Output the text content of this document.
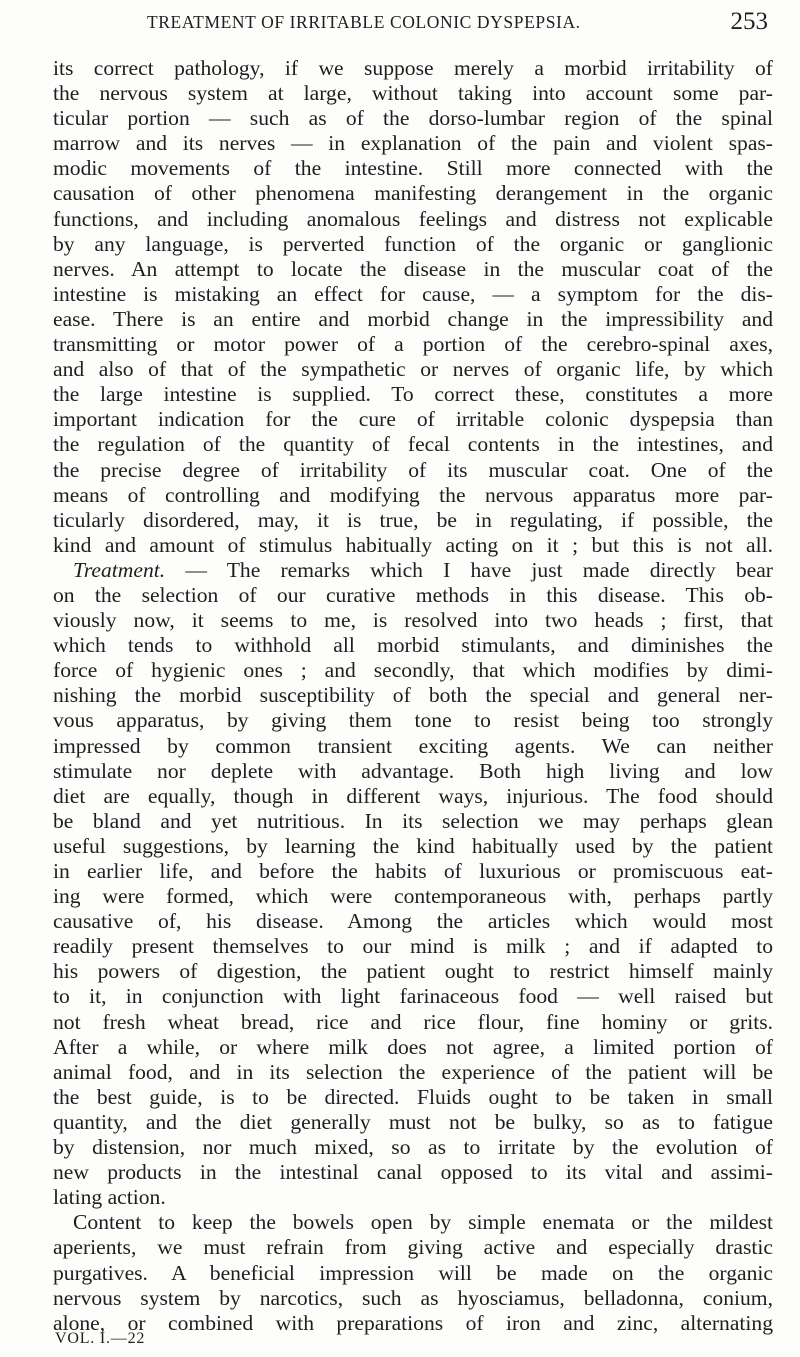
TREATMENT OF IRRITABLE COLONIC DYSPEPSIA.	253
its correct pathology, if we suppose merely a morbid irritability of
the nervous system at large, without taking into account some par-
ticular portion — such as of the dorso-lumbar region of the spinal
marrow and its nerves — in explanation of the pain and violent spas-
modic movements of the intestine. Still more connected with the
causation of other phenomena manifesting derangement in the organic
functions, and including anomalous feelings and distress not explicable
by any language, is perverted function of the organic or ganglionic
nerves. An attempt to locate the disease in the muscular coat of the
intestine is mistaking an effect for cause, — a symptom for the dis-
ease. There is an entire and morbid change in the impressibility and
transmitting or motor power of a portion of the cerebro-spinal axes,
and also of that of the sympathetic or nerves of organic life, by which
the large intestine is supplied. To correct these, constitutes a more
important indication for the cure of irritable colonic dyspepsia than
the regulation of the quantity of fecal contents in the intestines, and
the precise degree of irritability of its muscular coat. One of the
means of controlling and modifying the nervous apparatus more par-
ticularly disordered, may, it is true, be in regulating, if possible, the
kind and amount of stimulus habitually acting on it ; but this is not all.
Treatment. — The remarks which I have just made directly bear
on the selection of our curative methods in this disease. This ob-
viously now, it seems to me, is resolved into two heads ; first, that
which tends to withhold all morbid stimulants, and diminishes the
force of hygienic ones ; and secondly, that which modifies by dimi-
nishing the morbid susceptibility of both the special and general ner-
vous apparatus, by giving them tone to resist being too strongly
impressed by common transient exciting agents. We can neither
stimulate nor deplete with advantage. Both high living and low
diet are equally, though in different ways, injurious. The food should
be bland and yet nutritious. In its selection we may perhaps glean
useful suggestions, by learning the kind habitually used by the patient
in earlier life, and before the habits of luxurious or promiscuous eat-
ing were formed, which were contemporaneous with, perhaps partly
causative of, his disease. Among the articles which would most
readily present themselves to our mind is milk ; and if adapted to
his powers of digestion, the patient ought to restrict himself mainly
to it, in conjunction with light farinaceous food — well raised but
not fresh wheat bread, rice and rice flour, fine hominy or grits.
After a while, or where milk does not agree, a limited portion of
animal food, and in its selection the experience of the patient will be
the best guide, is to be directed. Fluids ought to be taken in small
quantity, and the diet generally must not be bulky, so as to fatigue
by distension, nor much mixed, so as to irritate by the evolution of
new products in the intestinal canal opposed to its vital and assimi-
lating action.
Content to keep the bowels open by simple enemata or the mildest
aperients, we must refrain from giving active and especially drastic
purgatives. A beneficial impression will be made on the organic
nervous system by narcotics, such as hyosciamus, belladonna, conium,
alone, or combined with preparations of iron and zinc, alternating
VOL. I.—22
